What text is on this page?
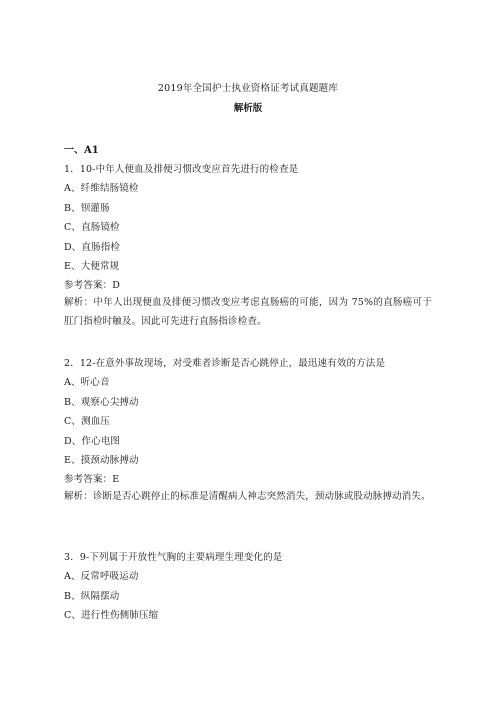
2019年全国护士执业资格证考试真题题库
解析版
一、A1
1．10-中年人便血及排便习惯改变应首先进行的检查是
A、纤维结肠镜检
B、钡灌肠
C、直肠镜检
D、直肠指检
E、大便常规
参考答案：D
解析：中年人出现便血及排便习惯改变应考虑直肠癌的可能，因为 75%的直肠癌可于肛门指检时触及。因此可先进行直肠指诊检查。
2．12-在意外事故现场，对受难者诊断是否心跳停止，最迅速有效的方法是
A、听心音
B、观察心尖搏动
C、测血压
D、作心电图
E、摸颈动脉搏动
参考答案：E
解析：诊断是否心跳停止的标准是清醒病人神志突然消失，颈动脉或股动脉搏动消失。
3．9-下列属于开放性气胸的主要病理生理变化的是
A、反常呼吸运动
B、纵隔摆动
C、进行性伤侧肺压缩
